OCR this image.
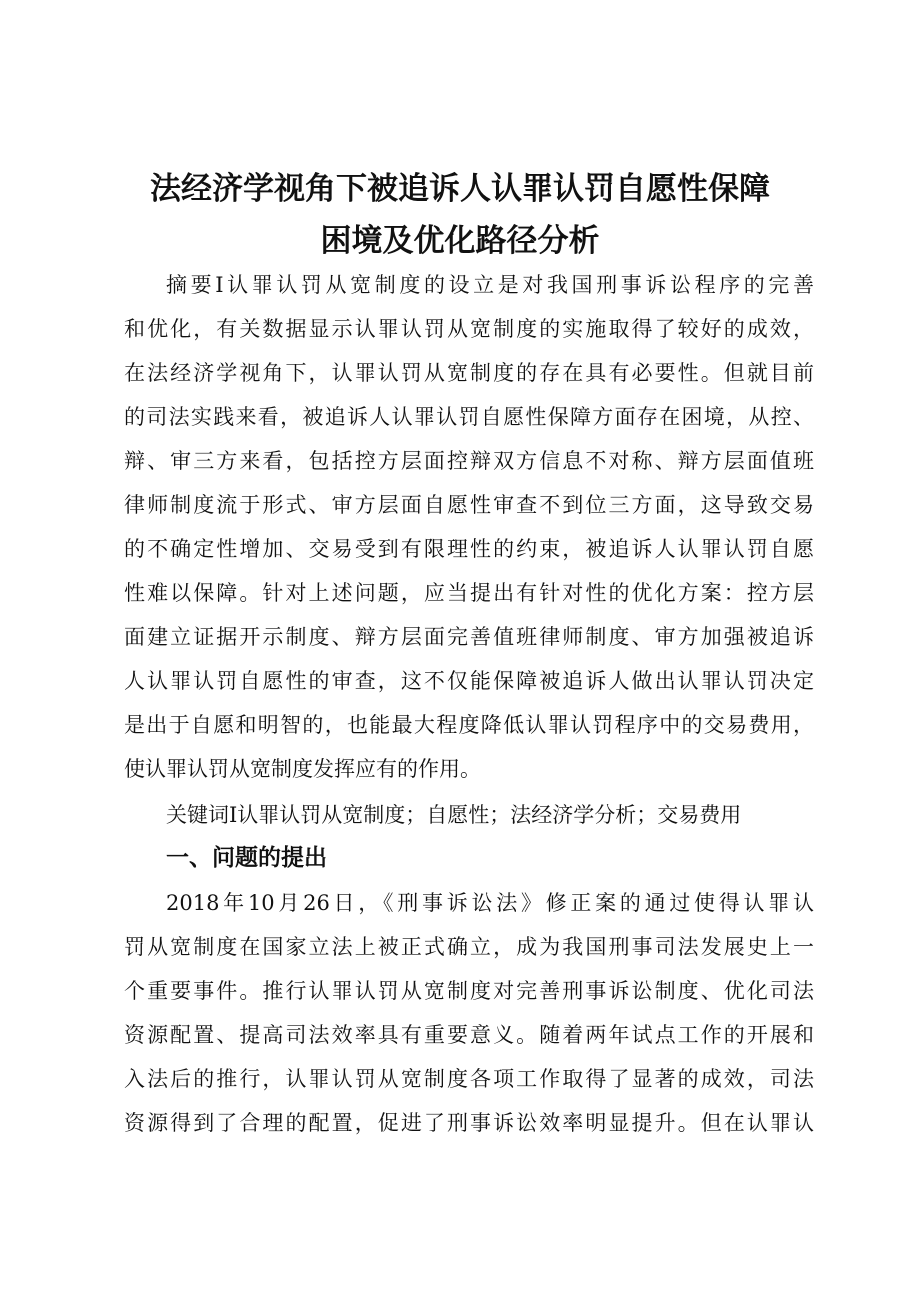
法经济学视角下被追诉人认罪认罚自愿性保障
困境及优化路径分析
摘要I认罪认罚从宽制度的设立是对我国刑事诉讼程序的完善
和优化，有关数据显示认罪认罚从宽制度的实施取得了较好的成效，
在法经济学视角下，认罪认罚从宽制度的存在具有必要性。但就目前
的司法实践来看，被追诉人认罪认罚自愿性保障方面存在困境，从控、
辩、审三方来看，包括控方层面控辩双方信息不对称、辩方层面值班
律师制度流于形式、审方层面自愿性审查不到位三方面，这导致交易
的不确定性增加、交易受到有限理性的约束，被追诉人认罪认罚自愿
性难以保障。针对上述问题，应当提出有针对性的优化方案：控方层
面建立证据开示制度、辩方层面完善值班律师制度、审方加强被追诉
人认罪认罚自愿性的审查，这不仅能保障被追诉人做出认罪认罚决定
是出于自愿和明智的，也能最大程度降低认罪认罚程序中的交易费用，
使认罪认罚从宽制度发挥应有的作用。
关键词I认罪认罚从宽制度；自愿性；法经济学分析；交易费用
一、问题的提出
2018年10月26日，《刑事诉讼法》修正案的通过使得认罪认
罚从宽制度在国家立法上被正式确立，成为我国刑事司法发展史上一
个重要事件。推行认罪认罚从宽制度对完善刑事诉讼制度、优化司法
资源配置、提高司法效率具有重要意义。随着两年试点工作的开展和
入法后的推行，认罪认罚从宽制度各项工作取得了显著的成效，司法
资源得到了合理的配置，促进了刑事诉讼效率明显提升。但在认罪认
